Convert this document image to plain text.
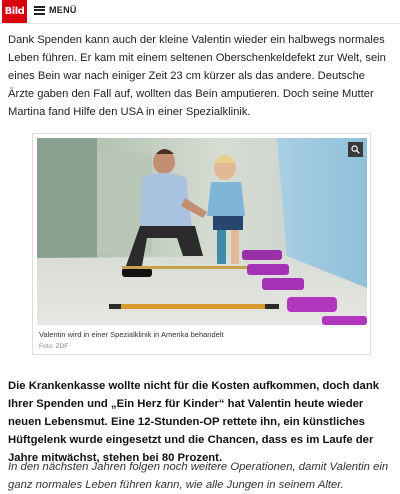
Bild	MENÜ

Dank Spenden kann auch der kleine Valentin wieder ein halbwegs normales Leben führen. Er kam mit einem seltenen Oberschenkeldefekt zur Welt, sein eines Bein war nach einiger Zeit 23 cm kürzer als das andere. Deutsche Ärzte gaben den Fall auf, wollten das Bein amputieren. Doch seine Mutter Martina fand Hilfe den USA in einer Spezialklinik.

Valentin wird in einer Spezialklinik in Amerika behandelt
Foto: ZDF

Die Krankenkasse wollte nicht für die Kosten aufkommen, doch dank Ihrer Spenden und „Ein Herz für Kinder“ hat Valentin heute wieder neuen Lebensmut. Eine 12-Stunden-OP rettete ihn, ein künstliches Hüftgelenk wurde eingesetzt und die Chancen, dass es im Laufe der Jahre mitwächst, stehen bei 80 Prozent.

In den nächsten Jahren folgen noch weitere Operationen, damit Valentin ein ganz normales Leben führen kann, wie alle Jungen in seinem Alter.
